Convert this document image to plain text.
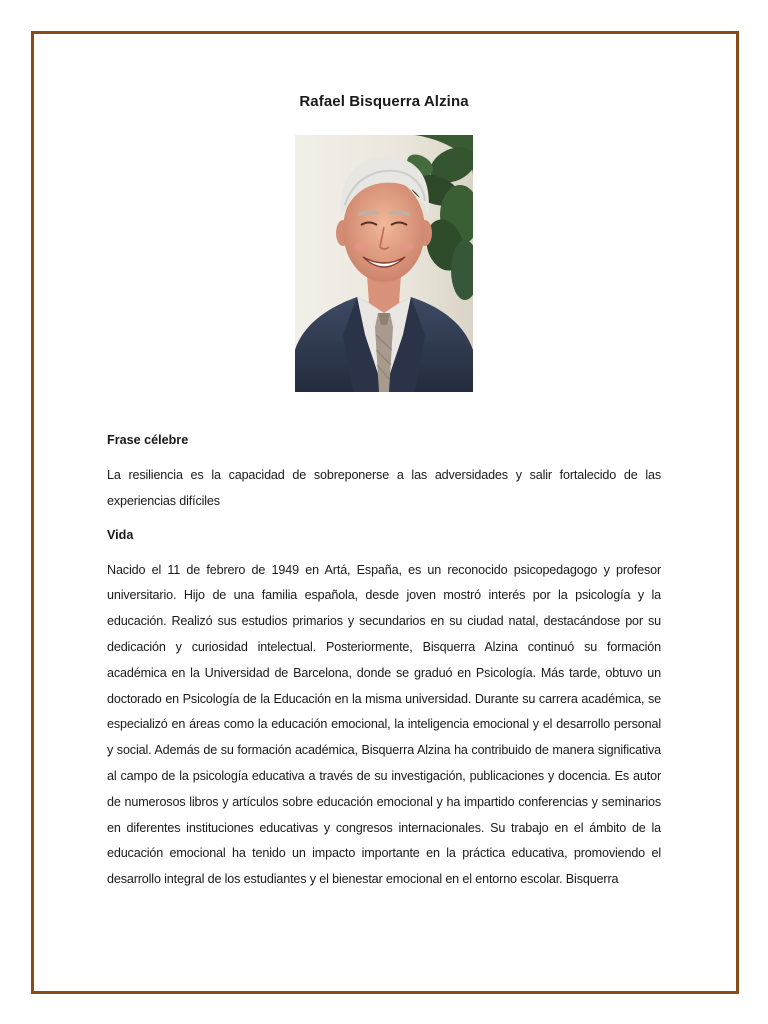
Rafael Bisquerra Alzina

Frase célebre

La resiliencia es la capacidad de sobreponerse a las adversidades y salir fortalecido de las experiencias difíciles

Vida

Nacido el 11 de febrero de 1949 en Artá, España, es un reconocido psicopedagogo y profesor universitario. Hijo de una familia española, desde joven mostró interés por la psicología y la educación. Realizó sus estudios primarios y secundarios en su ciudad natal, destacándose por su dedicación y curiosidad intelectual. Posteriormente, Bisquerra Alzina continuó su formación académica en la Universidad de Barcelona, donde se graduó en Psicología. Más tarde, obtuvo un doctorado en Psicología de la Educación en la misma universidad. Durante su carrera académica, se especializó en áreas como la educación emocional, la inteligencia emocional y el desarrollo personal y social. Además de su formación académica, Bisquerra Alzina ha contribuido de manera significativa al campo de la psicología educativa a través de su investigación, publicaciones y docencia. Es autor de numerosos libros y artículos sobre educación emocional y ha impartido conferencias y seminarios en diferentes instituciones educativas y congresos internacionales. Su trabajo en el ámbito de la educación emocional ha tenido un impacto importante en la práctica educativa, promoviendo el desarrollo integral de los estudiantes y el bienestar emocional en el entorno escolar. Bisquerra
